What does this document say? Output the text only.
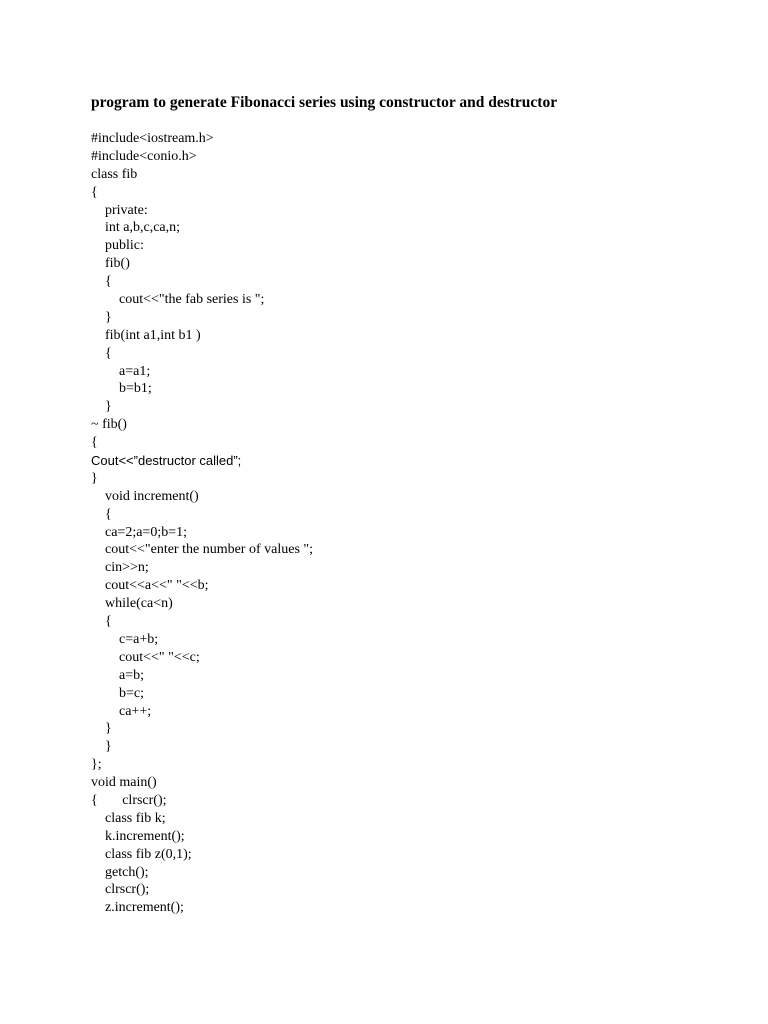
program to generate Fibonacci series using constructor and destructor
#include<iostream.h>
#include<conio.h>
class fib
{
private:
int a,b,c,ca,n;
public:
fib()
{
cout<<"the fab series is ";
}
fib(int a1,int b1 )
{
a=a1;
b=b1;
}
~ fib()
{
Cout<<”destructor called”;
}
void increment()
{
ca=2;a=0;b=1;
cout<<"enter the number of values ";
cin>>n;
cout<<a<<" "<<b;
while(ca<n)
{
c=a+b;
cout<<" "<<c;
a=b;
b=c;
ca++;
}
}
};
void main()
{       clrscr();
class fib k;
k.increment();
class fib z(0,1);
getch();
clrscr();
z.increment();
